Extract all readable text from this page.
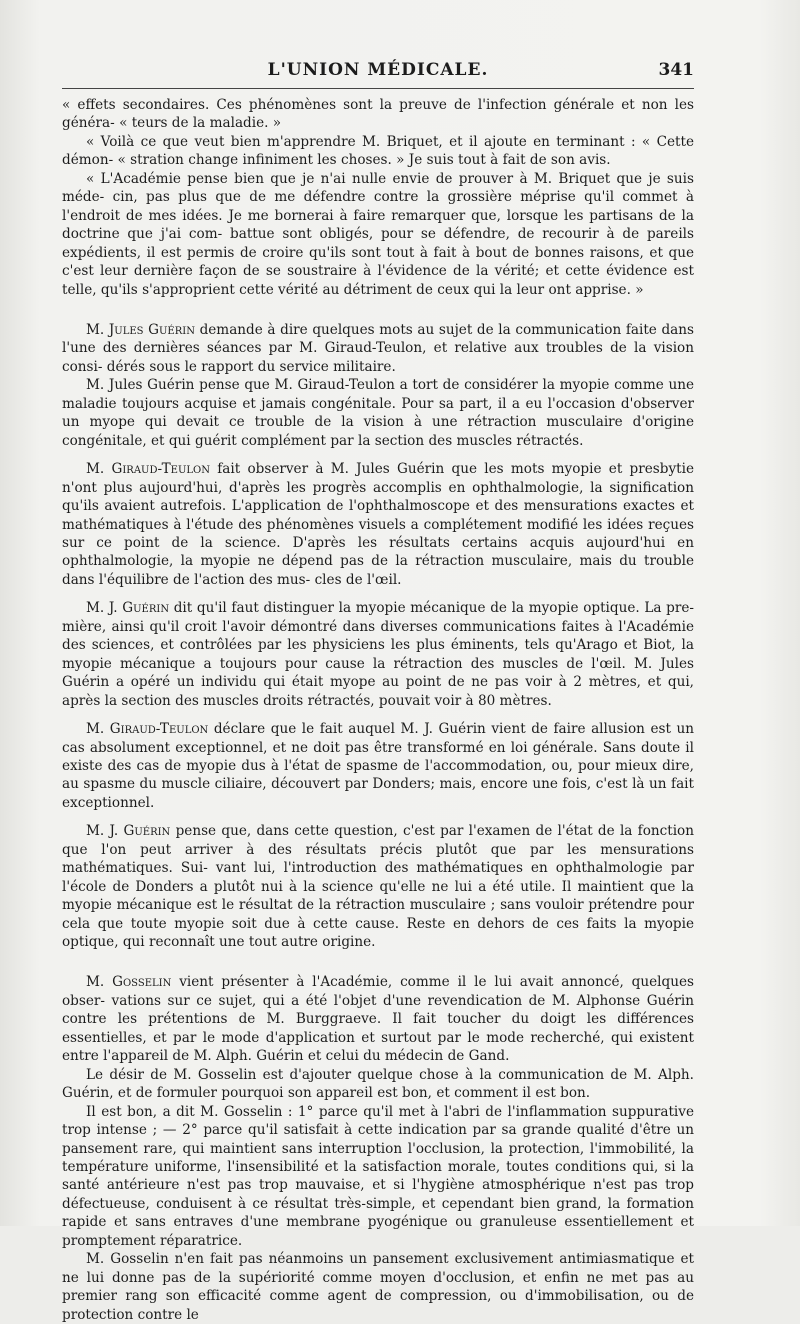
L'UNION MÉDICALE.	341

« effets secondaires. Ces phénomènes sont la preuve de l'infection générale et non les généra- « teurs de la maladie. »

« Voilà ce que veut bien m'apprendre M. Briquet, et il ajoute en terminant : « Cette démon- « stration change infiniment les choses. » Je suis tout à fait de son avis.

« L'Académie pense bien que je n'ai nulle envie de prouver à M. Briquet que je suis méde- cin, pas plus que de me défendre contre la grossière méprise qu'il commet à l'endroit de mes idées. Je me bornerai à faire remarquer que, lorsque les partisans de la doctrine que j'ai com- battue sont obligés, pour se défendre, de recourir à de pareils expédients, il est permis de croire qu'ils sont tout à fait à bout de bonnes raisons, et que c'est leur dernière façon de se soustraire à l'évidence de la vérité; et cette évidence est telle, qu'ils s'approprient cette vérité au détriment de ceux qui la leur ont apprise. »

M. Jules Guérin demande à dire quelques mots au sujet de la communication faite dans l'une des dernières séances par M. Giraud-Teulon, et relative aux troubles de la vision consi- dérés sous le rapport du service militaire.

M. Jules Guérin pense que M. Giraud-Teulon a tort de considérer la myopie comme une maladie toujours acquise et jamais congénitale. Pour sa part, il a eu l'occasion d'observer un myope qui devait ce trouble de la vision à une rétraction musculaire d'origine congénitale, et qui guérit complément par la section des muscles rétractés.

M. Giraud-Teulon fait observer à M. Jules Guérin que les mots myopie et presbytie n'ont plus aujourd'hui, d'après les progrès accomplis en ophthalmologie, la signification qu'ils avaient autrefois. L'application de l'ophthalmoscope et des mensurations exactes et mathématiques à l'étude des phénomènes visuels a complétement modifié les idées reçues sur ce point de la science. D'après les résultats certains acquis aujourd'hui en ophthalmologie, la myopie ne dépend pas de la rétraction musculaire, mais du trouble dans l'équilibre de l'action des mus- cles de l'œil.

M. J. Guérin dit qu'il faut distinguer la myopie mécanique de la myopie optique. La pre- mière, ainsi qu'il croit l'avoir démontré dans diverses communications faites à l'Académie des sciences, et contrôlées par les physiciens les plus éminents, tels qu'Arago et Biot, la myopie mécanique a toujours pour cause la rétraction des muscles de l'œil. M. Jules Guérin a opéré un individu qui était myope au point de ne pas voir à 2 mètres, et qui, après la section des muscles droits rétractés, pouvait voir à 80 mètres.

M. Giraud-Teulon déclare que le fait auquel M. J. Guérin vient de faire allusion est un cas absolument exceptionnel, et ne doit pas être transformé en loi générale. Sans doute il existe des cas de myopie dus à l'état de spasme de l'accommodation, ou, pour mieux dire, au spasme du muscle ciliaire, découvert par Donders; mais, encore une fois, c'est là un fait exceptionnel.

M. J. Guérin pense que, dans cette question, c'est par l'examen de l'état de la fonction que l'on peut arriver à des résultats précis plutôt que par les mensurations mathématiques. Sui- vant lui, l'introduction des mathématiques en ophthalmologie par l'école de Donders a plutôt nui à la science qu'elle ne lui a été utile. Il maintient que la myopie mécanique est le résultat de la rétraction musculaire ; sans vouloir prétendre pour cela que toute myopie soit due à cette cause. Reste en dehors de ces faits la myopie optique, qui reconnaît une tout autre origine.

M. Gosselin vient présenter à l'Académie, comme il le lui avait annoncé, quelques obser- vations sur ce sujet, qui a été l'objet d'une revendication de M. Alphonse Guérin contre les prétentions de M. Burggraeve. Il fait toucher du doigt les différences essentielles, et par le mode d'application et surtout par le mode recherché, qui existent entre l'appareil de M. Alph. Guérin et celui du médecin de Gand.

Le désir de M. Gosselin est d'ajouter quelque chose à la communication de M. Alph. Guérin, et de formuler pourquoi son appareil est bon, et comment il est bon.

Il est bon, a dit M. Gosselin : 1° parce qu'il met à l'abri de l'inflammation suppurative trop intense ; — 2° parce qu'il satisfait à cette indication par sa grande qualité d'être un pansement rare, qui maintient sans interruption l'occlusion, la protection, l'immobilité, la température uniforme, l'insensibilité et la satisfaction morale, toutes conditions qui, si la santé antérieure n'est pas trop mauvaise, et si l'hygiène atmosphérique n'est pas trop défectueuse, conduisent à ce résultat très-simple, et cependant bien grand, la formation rapide et sans entraves d'une membrane pyogénique ou granuleuse essentiellement et promptement réparatrice.

M. Gosselin n'en fait pas néanmoins un pansement exclusivement antimiasmatique et ne lui donne pas de la supériorité comme moyen d'occlusion, et enfin ne met pas au premier rang son efficacité comme agent de compression, ou d'immobilisation, ou de protection contre le
